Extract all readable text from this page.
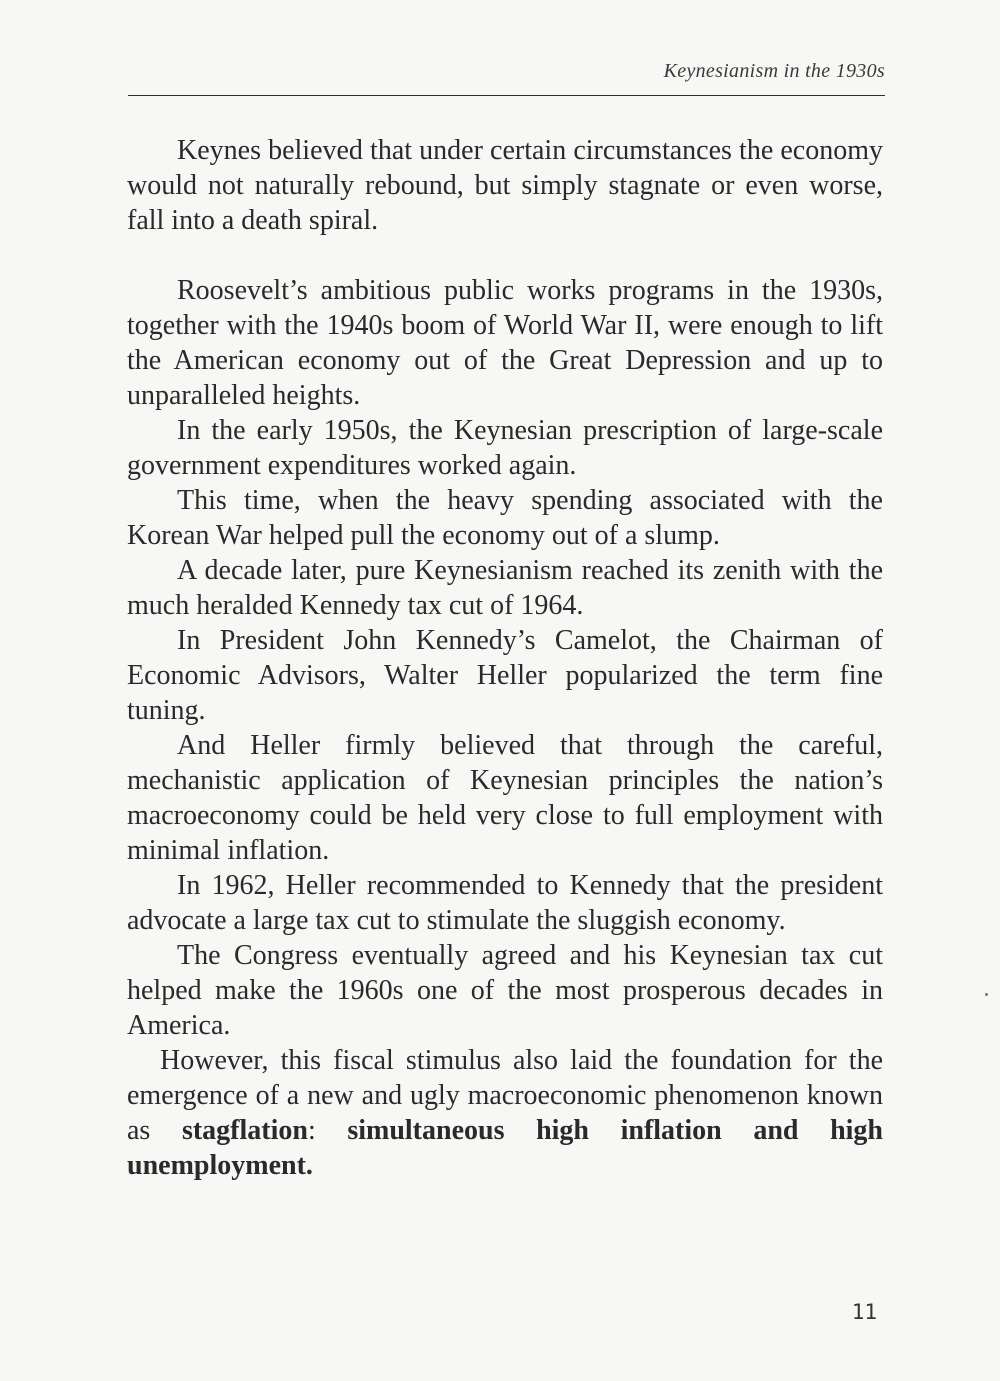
Keynesianism in the 1930s

Keynes believed that under certain circumstances the economy would not naturally rebound, but simply stagnate or even worse, fall into a death spiral.

Roosevelt’s ambitious public works programs in the 1930s, together with the 1940s boom of World War II, were enough to lift the American economy out of the Great Depression and up to unparalleled heights.

In the early 1950s, the Keynesian prescription of large-scale government expenditures worked again.

This time, when the heavy spending associated with the Korean War helped pull the economy out of a slump.

A decade later, pure Keynesianism reached its zenith with the much heralded Kennedy tax cut of 1964.

In President John Kennedy’s Camelot, the Chairman of Economic Advisors, Walter Heller popularized the term fine tuning.

And Heller firmly believed that through the careful, mechanistic application of Keynesian principles the nation’s macroeconomy could be held very close to full employment with minimal inflation.

In 1962, Heller recommended to Kennedy that the president advocate a large tax cut to stimulate the sluggish economy.

The Congress eventually agreed and his Keynesian tax cut helped make the 1960s one of the most prosperous decades in America.

However, this fiscal stimulus also laid the foundation for the emergence of a new and ugly macroeconomic phenomenon known as stagflation: simultaneous high inflation and high unemployment.

11
